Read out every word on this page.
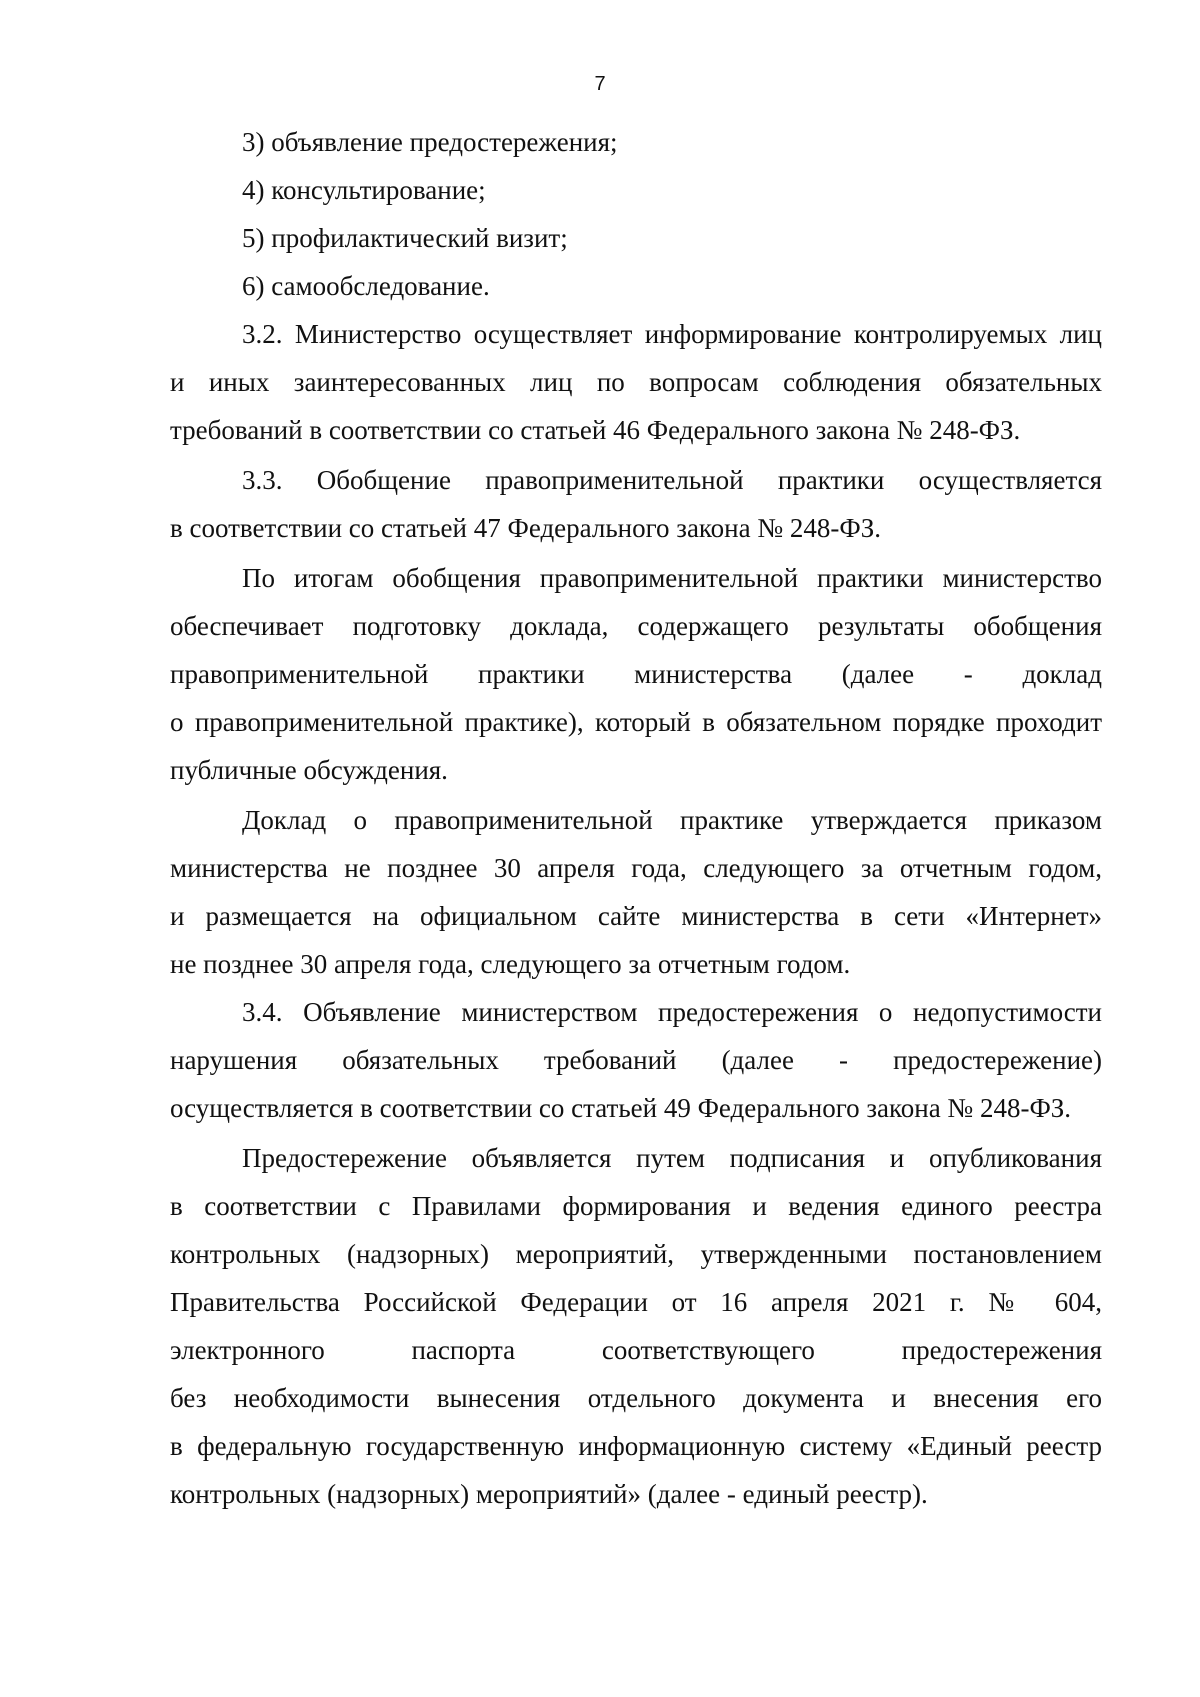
7
3) объявление предостережения;
4) консультирование;
5) профилактический визит;
6) самообследование.
3.2. Министерство осуществляет информирование контролируемых лиц
и иных заинтересованных лиц по вопросам соблюдения обязательных
требований в соответствии со статьей 46 Федерального закона № 248-ФЗ.
3.3. Обобщение правоприменительной практики осуществляется
в соответствии со статьей 47 Федерального закона № 248-ФЗ.
По итогам обобщения правоприменительной практики министерство
обеспечивает подготовку доклада, содержащего результаты обобщения
правоприменительной практики министерства (далее - доклад
о правоприменительной практике), который в обязательном порядке проходит
публичные обсуждения.
Доклад о правоприменительной практике утверждается приказом
министерства не позднее 30 апреля года, следующего за отчетным годом,
и размещается на официальном сайте министерства в сети «Интернет»
не позднее 30 апреля года, следующего за отчетным годом.
3.4. Объявление министерством предостережения о недопустимости
нарушения обязательных требований (далее - предостережение)
осуществляется в соответствии со статьей 49 Федерального закона № 248-ФЗ.
Предостережение объявляется путем подписания и опубликования
в соответствии с Правилами формирования и ведения единого реестра
контрольных (надзорных) мероприятий, утвержденными постановлением
Правительства Российской Федерации от 16 апреля 2021 г. № 604,
электронного паспорта соответствующего предостережения
без необходимости вынесения отдельного документа и внесения его
в федеральную государственную информационную систему «Единый реестр
контрольных (надзорных) мероприятий» (далее - единый реестр).
